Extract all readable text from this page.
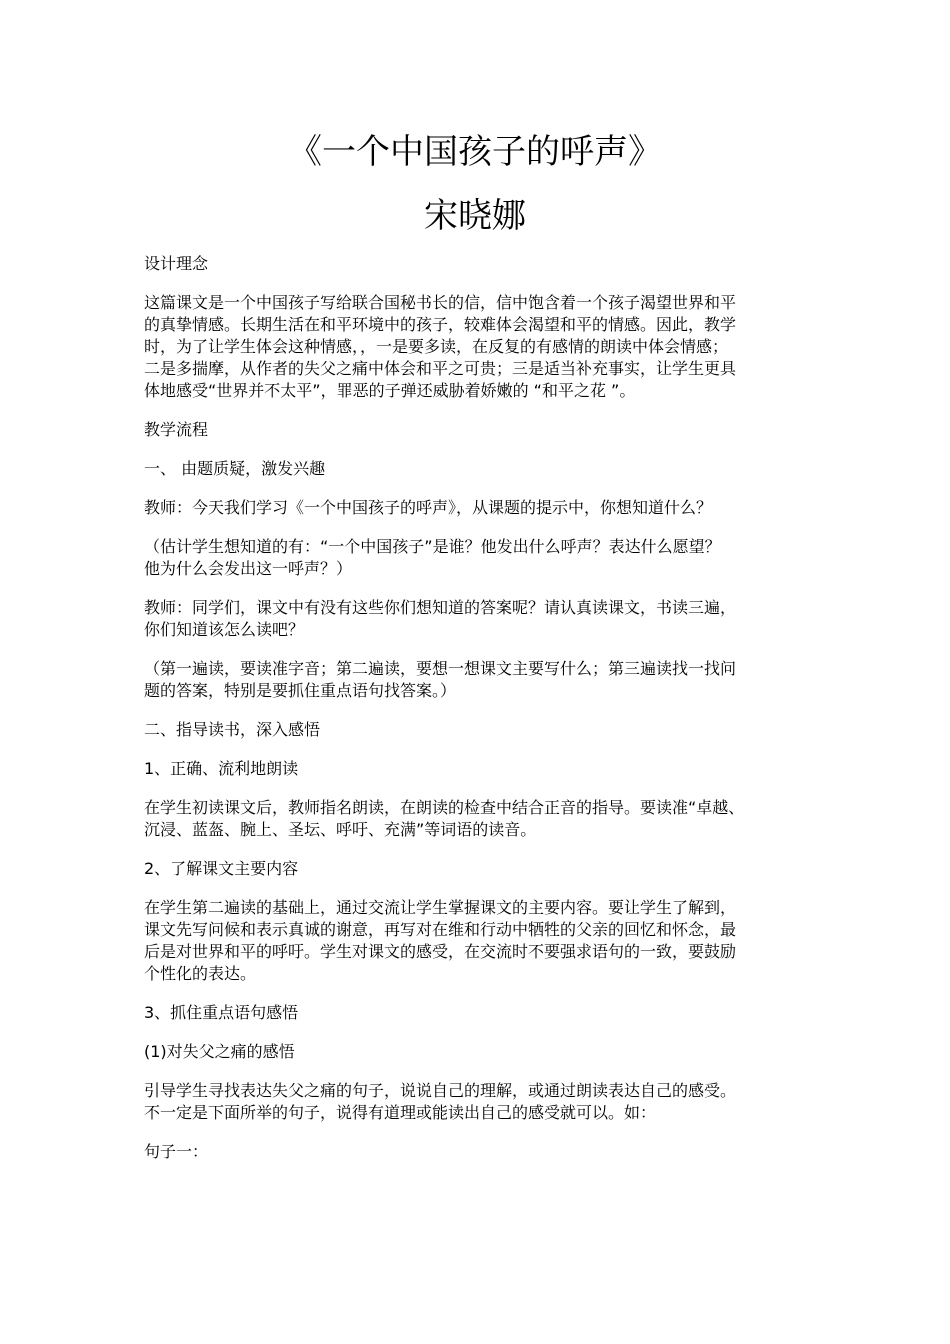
《一个中国孩子的呼声》
宋晓娜

设计理念

这篇课文是一个中国孩子写给联合国秘书长的信，信中饱含着一个孩子渴望世界和平
的真挚情感。长期生活在和平环境中的孩子，较难体会渴望和平的情感。因此，教学
时，为了让学生体会这种情感，，一是要多读，在反复的有感情的朗读中体会情感；
二是多揣摩，从作者的失父之痛中体会和平之可贵；三是适当补充事实，让学生更具
体地感受“世界并不太平”，罪恶的子弹还威胁着娇嫩的 “和平之花 ”。

教学流程

一、 由题质疑，激发兴趣

教师：今天我们学习《一个中国孩子的呼声》，从课题的提示中，你想知道什么？

（估计学生想知道的有：“一个中国孩子”是谁？他发出什么呼声？表达什么愿望？
他为什么会发出这一呼声？）

教师：同学们，课文中有没有这些你们想知道的答案呢？请认真读课文，书读三遍，
你们知道该怎么读吧？

（第一遍读，要读准字音；第二遍读，要想一想课文主要写什么；第三遍读找一找问
题的答案，特别是要抓住重点语句找答案。）

二、指导读书，深入感悟

1、正确、流利地朗读

在学生初读课文后，教师指名朗读，在朗读的检查中结合正音的指导。要读准“卓越、
沉浸、蓝盔、腕上、圣坛、呼吁、充满”等词语的读音。

2、了解课文主要内容

在学生第二遍读的基础上，通过交流让学生掌握课文的主要内容。要让学生了解到，
课文先写问候和表示真诚的谢意，再写对在维和行动中牺牲的父亲的回忆和怀念，最
后是对世界和平的呼吁。学生对课文的感受，在交流时不要强求语句的一致，要鼓励
个性化的表达。

3、抓住重点语句感悟

(1)对失父之痛的感悟

引导学生寻找表达失父之痛的句子，说说自己的理解，或通过朗读表达自己的感受。
不一定是下面所举的句子，说得有道理或能读出自己的感受就可以。如：

句子一：
